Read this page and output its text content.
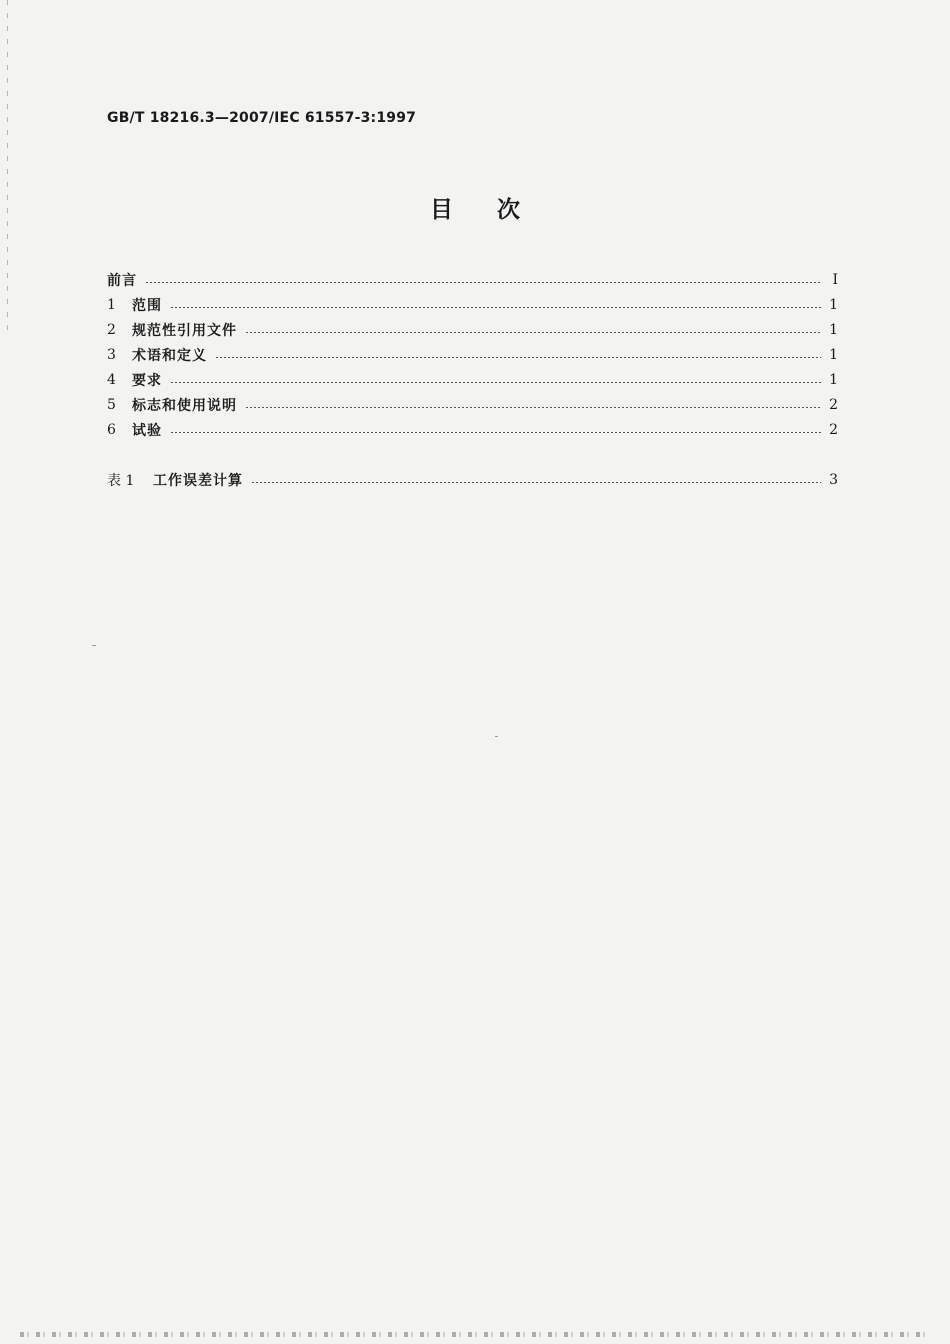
GB/T 18216.3—2007/IEC 61557-3:1997
目 次
前言	I
1	范围	1
2	规范性引用文件	1
3	术语和定义	1
4	要求	1
5	标志和使用说明	2
6	试验	2
表 1	工作误差计算	3
